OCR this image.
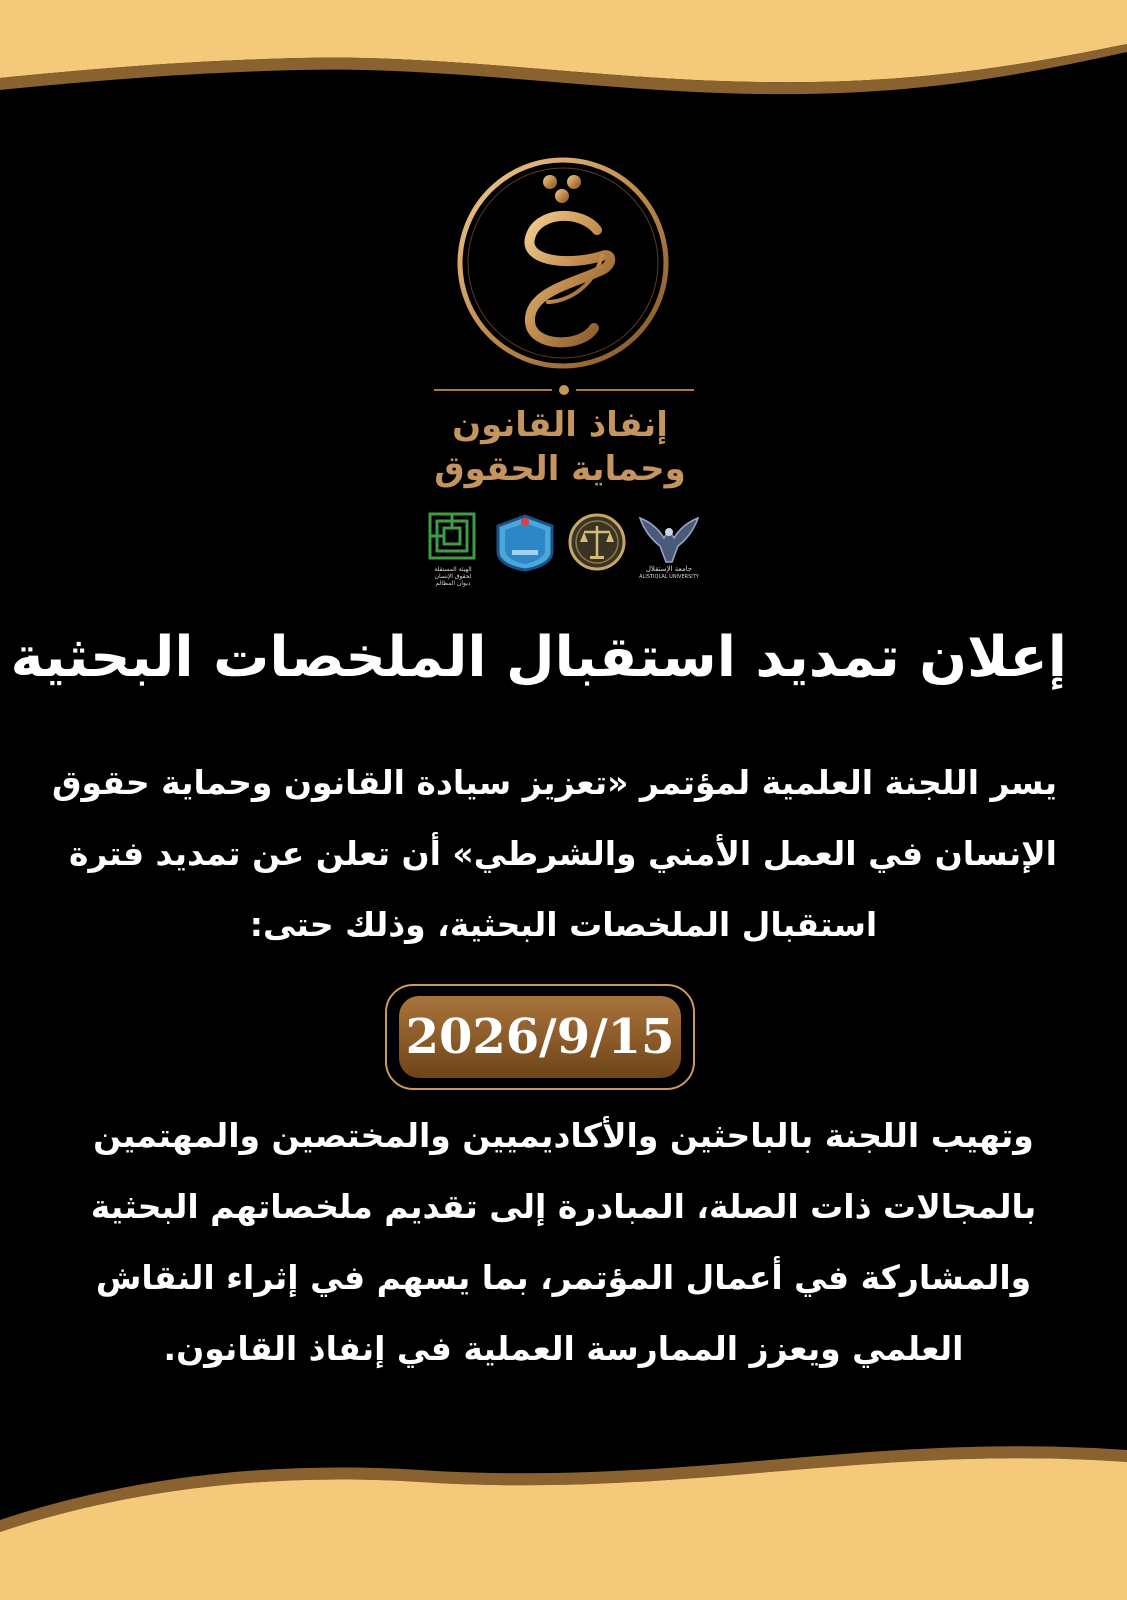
إنفاذ القانون
وحماية الحقوق
الهيئة المستقلة
لحقوق الإنسان
ديوان المظالم
جامعة الإستقلال
ALISTIQLAL UNIVERSITY
إعلان تمديد استقبال الملخصات البحثية
يسر اللجنة العلمية لمؤتمر «تعزيز سيادة القانون وحماية حقوق
الإنسان في العمل الأمني والشرطي» أن تعلن عن تمديد فترة
استقبال الملخصات البحثية، وذلك حتى:
2026/9/15
وتهيب اللجنة بالباحثين والأكاديميين والمختصين والمهتمين
بالمجالات ذات الصلة، المبادرة إلى تقديم ملخصاتهم البحثية
والمشاركة في أعمال المؤتمر، بما يسهم في إثراء النقاش
العلمي ويعزز الممارسة العملية في إنفاذ القانون.
